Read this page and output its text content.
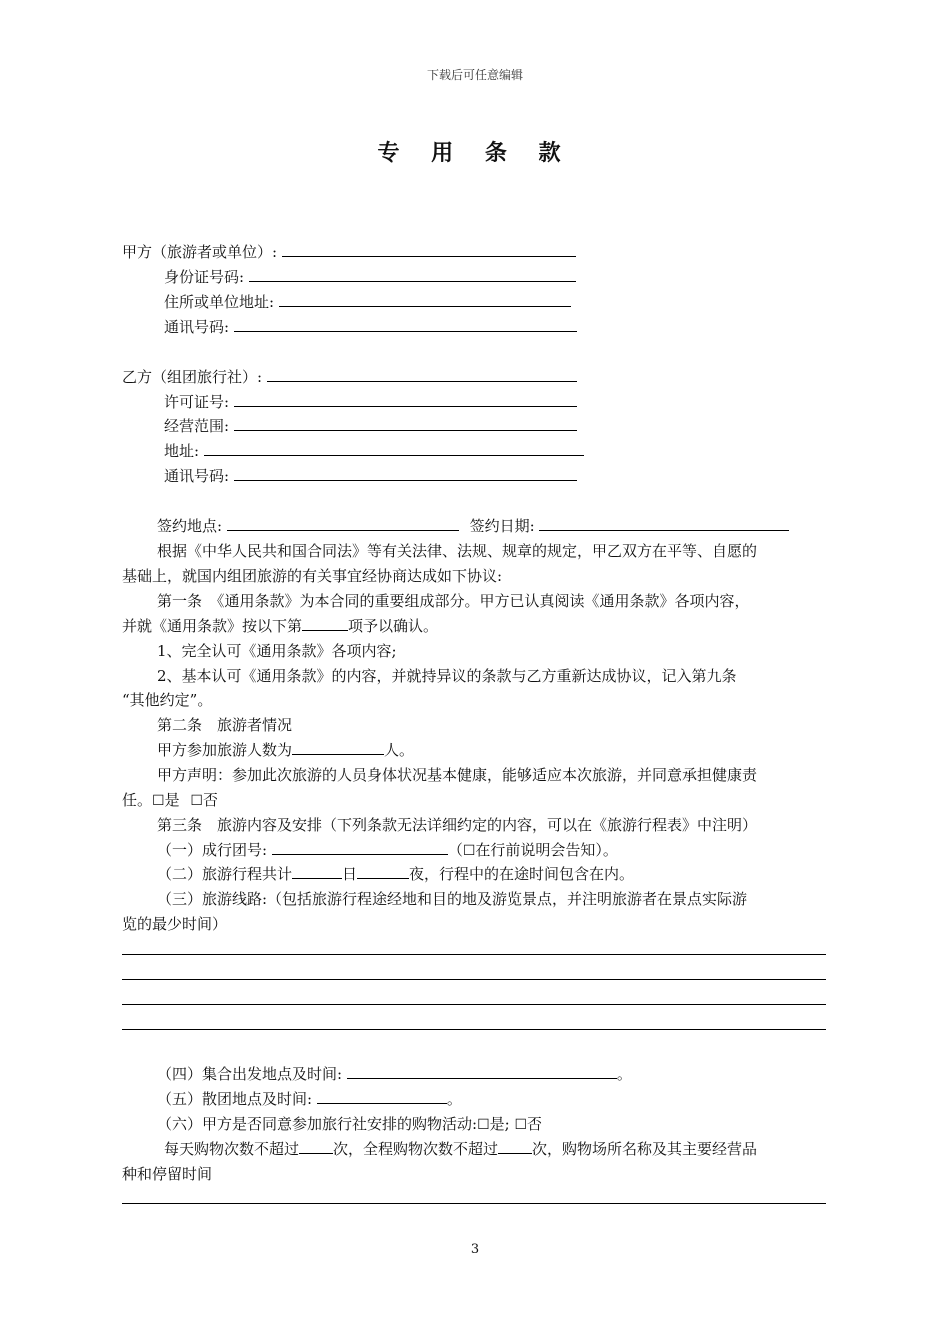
下载后可任意编辑
专 用 条 款
甲方（旅游者或单位）:
身份证号码:
住所或单位地址:
通讯号码:
乙方（组团旅行社）:
许可证号:
经营范围:
地址:
通讯号码:
签约地点:	签约日期:
根据《中华人民共和国合同法》等有关法律、法规、规章的规定，甲乙双方在平等、自愿的
基础上，就国内组团旅游的有关事宜经协商达成如下协议:
第一条　《通用条款》为本合同的重要组成部分。甲方已认真阅读《通用条款》各项内容，
并就《通用条款》按以下第	项予以确认。
1、完全认可《通用条款》各项内容;
2、基本认可《通用条款》的内容，并就持异议的条款与乙方重新达成协议，记入第九条
“其他约定”。
第二条　旅游者情况
甲方参加旅游人数为	人。
甲方声明：参加此次旅游的人员身体状况基本健康，能够适应本次旅游，并同意承担健康责
任。☐是 ☐否
第三条　旅游内容及安排（下列条款无法详细约定的内容，可以在《旅游行程表》中注明）
（一）成行团号:	（☐在行前说明会告知）。
（二）旅游行程共计	日	夜，行程中的在途时间包含在内。
（三）旅游线路:（包括旅游行程途经地和目的地及游览景点，并注明旅游者在景点实际游
览的最少时间）
（四）集合出发地点及时间:	。
（五）散团地点及时间:	。
（六）甲方是否同意参加旅行社安排的购物活动:☐是; ☐否
每天购物次数不超过 次，全程购物次数不超过 次，购物场所名称及其主要经营品
种和停留时间
3
